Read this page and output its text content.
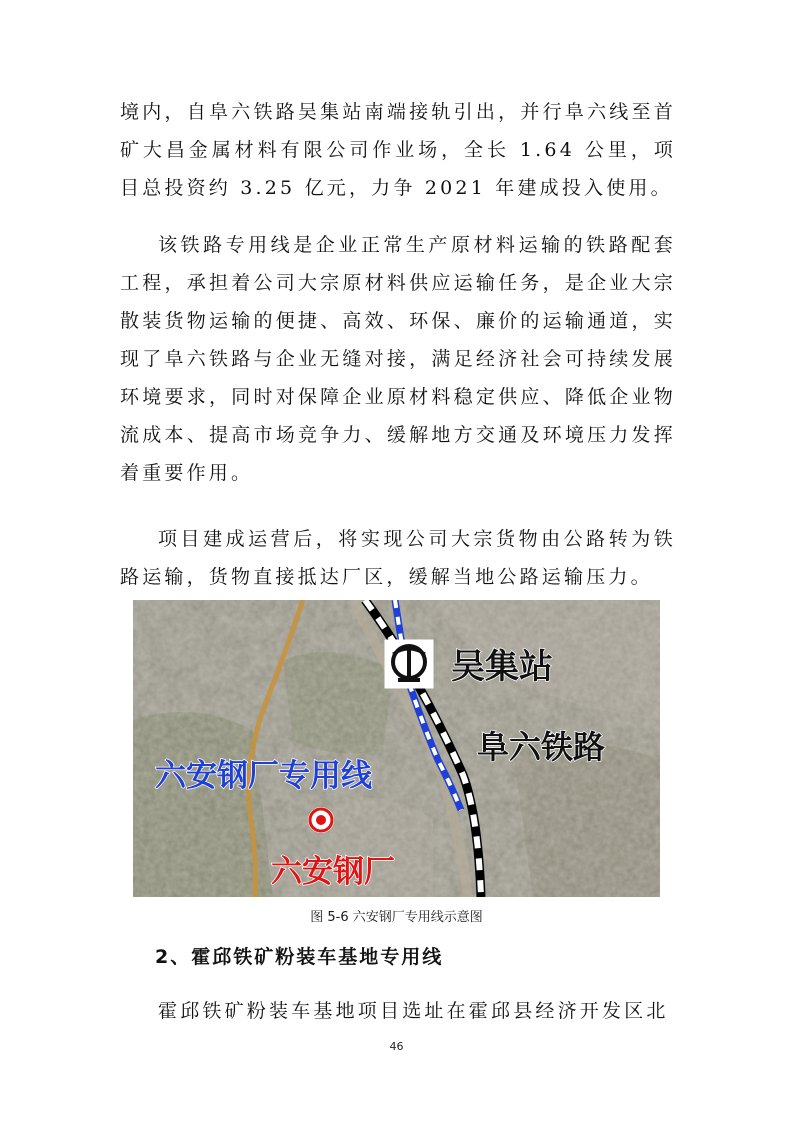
境内，自阜六铁路吴集站南端接轨引出，并行阜六线至首矿大昌金属材料有限公司作业场，全长 1.64 公里，项目总投资约 3.25 亿元，力争 2021 年建成投入使用。

该铁路专用线是企业正常生产原材料运输的铁路配套工程，承担着公司大宗原材料供应运输任务，是企业大宗散装货物运输的便捷、高效、环保、廉价的运输通道，实现了阜六铁路与企业无缝对接，满足经济社会可持续发展环境要求，同时对保障企业原材料稳定供应、降低企业物流成本、提高市场竞争力、缓解地方交通及环境压力发挥着重要作用。

项目建成运营后，将实现公司大宗货物由公路转为铁路运输，货物直接抵达厂区，缓解当地公路运输压力。

吴集站
阜六铁路
六安钢厂专用线
六安钢厂
图 5-6 六安钢厂专用线示意图
2、霍邱铁矿粉装车基地专用线

霍邱铁矿粉装车基地项目选址在霍邱县经济开发区北

46
